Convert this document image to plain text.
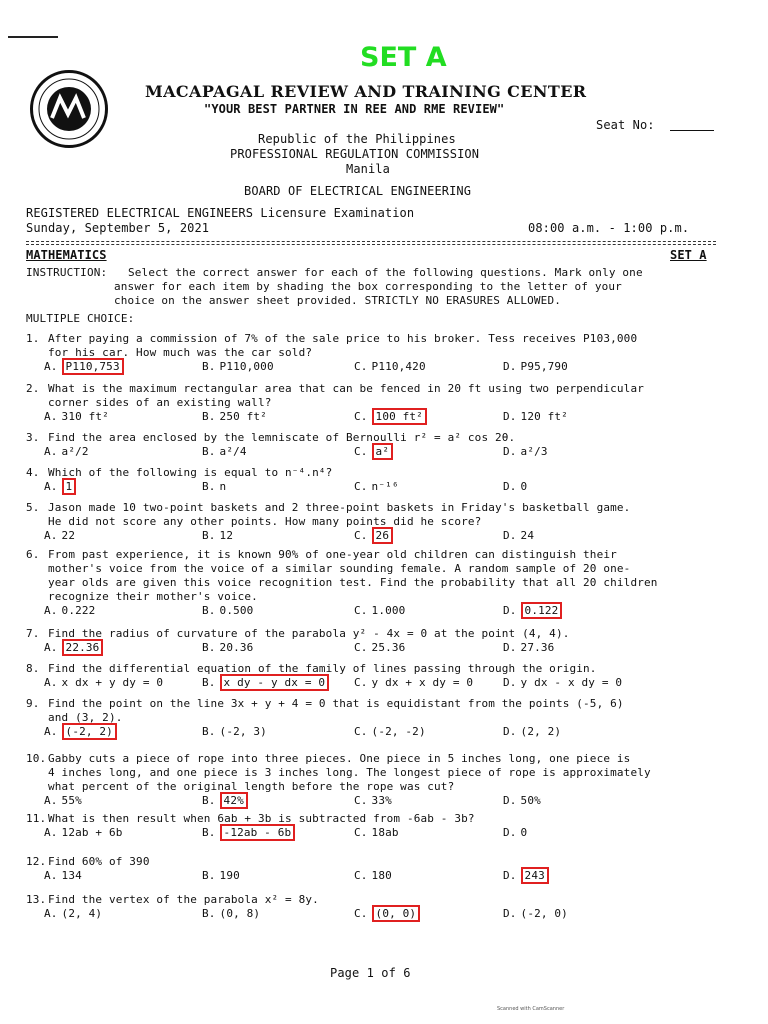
SET A
MACAPAGAL REVIEW AND TRAINING CENTER
"YOUR BEST PARTNER IN REE AND RME REVIEW"
Seat No:
Republic of the Philippines
PROFESSIONAL REGULATION COMMISSION
Manila
BOARD OF ELECTRICAL ENGINEERING
REGISTERED ELECTRICAL ENGINEERS Licensure Examination
Sunday, September 5, 2021	08:00 a.m. - 1:00 p.m.
MATHEMATICS	SET A
INSTRUCTION: Select the correct answer for each of the following questions. Mark only one
answer for each item by shading the box corresponding to the letter of your
choice on the answer sheet provided. STRICTLY NO ERASURES ALLOWED.
MULTIPLE CHOICE:
1. After paying a commission of 7% of the sale price to his broker. Tess receives P103,000
for his car. How much was the car sold?
A. P110,753	B. P110,000	C. P110,420	D. P95,790
2. What is the maximum rectangular area that can be fenced in 20 ft using two perpendicular
corner sides of an existing wall?
A. 310 ft²	B. 250 ft²	C. 100 ft²	D. 120 ft²
3. Find the area enclosed by the lemniscate of Bernoulli r² = a² cos 2θ.
A. a²/2	B. a²/4	C. a²	D. a²/3
4. Which of the following is equal to n⁻⁴.n⁴?
A. 1	B. n	C. n⁻¹⁶	D. 0
5. Jason made 10 two-point baskets and 2 three-point baskets in Friday's basketball game.
He did not score any other points. How many points did he score?
A. 22	B. 12	C. 26	D. 24
6. From past experience, it is known 90% of one-year old children can distinguish their
mother's voice from the voice of a similar sounding female. A random sample of 20 one-
year olds are given this voice recognition test. Find the probability that all 20 children
recognize their mother's voice.
A. 0.222	B. 0.500	C. 1.000	D. 0.122
7. Find the radius of curvature of the parabola y² - 4x = 0 at the point (4, 4).
A. 22.36	B. 20.36	C. 25.36	D. 27.36
8. Find the differential equation of the family of lines passing through the origin.
A. x dx + y dy = 0	B. x dy - y dx = 0	C. y dx + x dy = 0	D. y dx - x dy = 0
9. Find the point on the line 3x + y + 4 = 0 that is equidistant from the points (-5, 6)
and (3, 2).
A. (-2, 2)	B. (-2, 3)	C. (-2, -2)	D. (2, 2)
10. Gabby cuts a piece of rope into three pieces. One piece in 5 inches long, one piece is
4 inches long, and one piece is 3 inches long. The longest piece of rope is approximately
what percent of the original length before the rope was cut?
A. 55%	B. 42%	C. 33%	D. 50%
11. What is then result when 6ab + 3b is subtracted from -6ab - 3b?
A. 12ab + 6b	B. -12ab - 6b	C. 18ab	D. 0
12. Find 60% of 390
A. 134	B. 190	C. 180	D. 243
13. Find the vertex of the parabola x² = 8y.
A. (2, 4)	B. (0, 8)	C. (0, 0)	D. (-2, 0)
Page 1 of 6
Scanned with CamScanner
